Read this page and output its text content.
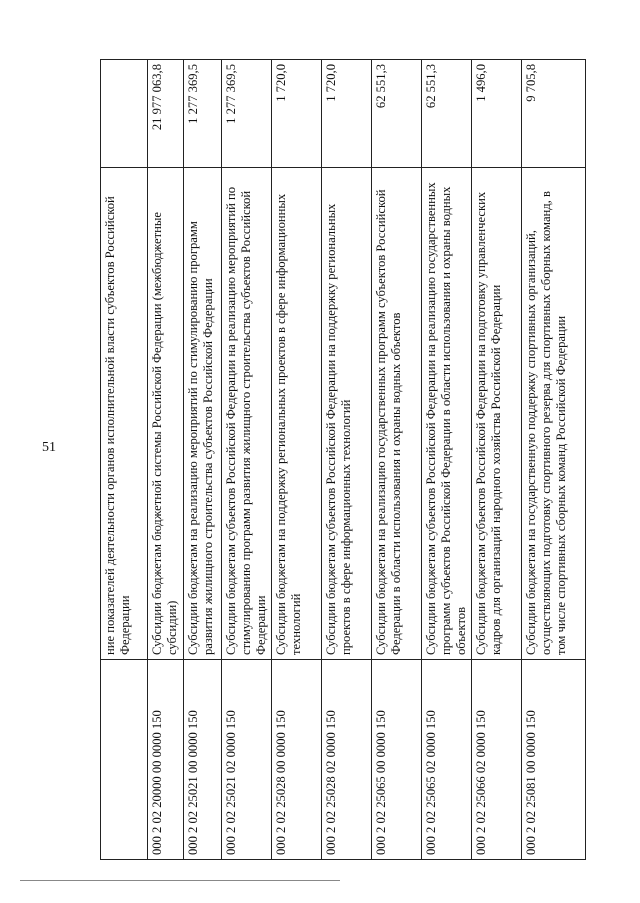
51
		ние показателей деятельности органов исполнительной власти субъектов Российской Федерации	
000 2 02 20000 00 0000 150	Субсидии бюджетам бюджетной системы Российской Федерации (межбюджетные субсидии)	21 977 063,8
000 2 02 25021 00 0000 150	Субсидии бюджетам на реализацию мероприятий по стимулированию программ развития жилищного строительства субъектов Российской Федерации	1 277 369,5
000 2 02 25021 02 0000 150	Субсидии бюджетам субъектов Российской Федерации на реализацию мероприятий по стимулированию программ развития жилищного строительства субъектов Российской Федерации	1 277 369,5
000 2 02 25028 00 0000 150	Субсидии бюджетам на поддержку региональных проектов в сфере информационных технологий	1 720,0
000 2 02 25028 02 0000 150	Субсидии бюджетам субъектов Российской Федерации на поддержку региональных проектов в сфере информационных технологий	1 720,0
000 2 02 25065 00 0000 150	Субсидии бюджетам на реализацию государственных программ субъектов Российской Федерации в области использования и охраны водных объектов	62 551,3
000 2 02 25065 02 0000 150	Субсидии бюджетам субъектов Российской Федерации на реализацию государственных программ субъектов Российской Федерации в области использования и охраны водных объектов	62 551,3
000 2 02 25066 02 0000 150	Субсидии бюджетам субъектов Российской Федерации на подготовку управленческих кадров для организаций народного хозяйства Российской Федерации	1 496,0
000 2 02 25081 00 0000 150	Субсидии бюджетам на государственную поддержку спортивных организаций, осуществляющих подготовку спортивного резерва для спортивных сборных команд, в том числе спортивных сборных команд Российской Федерации	9 705,8
